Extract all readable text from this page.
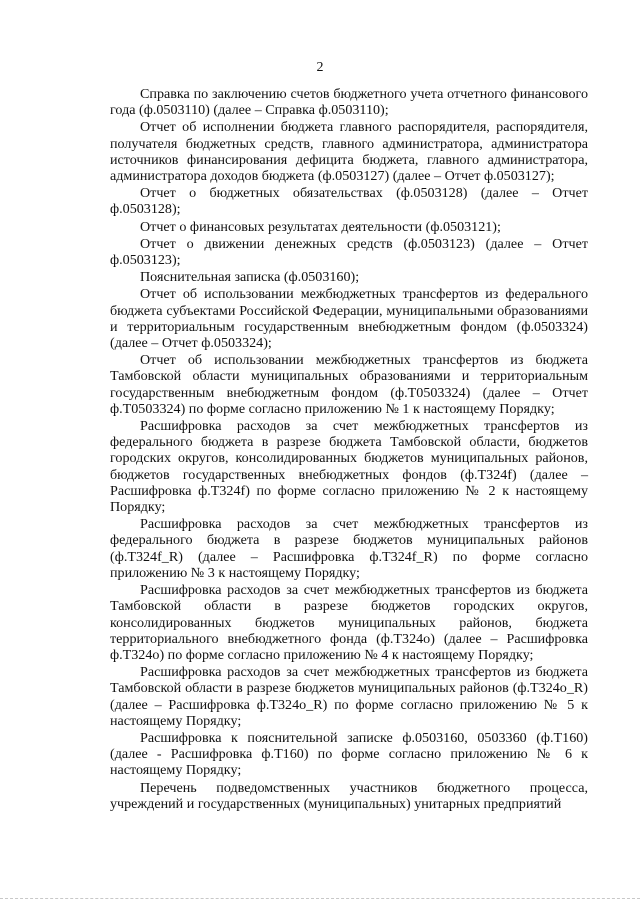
2

Справка по заключению счетов бюджетного учета отчетного финансового года (ф.0503110) (далее – Справка ф.0503110);

Отчет об исполнении бюджета главного распорядителя, распорядителя, получателя бюджетных средств, главного администратора, администратора источников финансирования дефицита бюджета, главного администратора, администратора доходов бюджета (ф.0503127) (далее – Отчет ф.0503127);

Отчет о бюджетных обязательствах (ф.0503128) (далее – Отчет ф.0503128);

Отчет о финансовых результатах деятельности (ф.0503121);

Отчет о движении денежных средств (ф.0503123) (далее – Отчет ф.0503123);

Пояснительная записка (ф.0503160);

Отчет об использовании межбюджетных трансфертов из федерального бюджета субъектами Российской Федерации, муниципальными образованиями и территориальным государственным внебюджетным фондом (ф.0503324) (далее – Отчет ф.0503324);

Отчет об использовании межбюджетных трансфертов из бюджета Тамбовской области муниципальных образованиями и территориальным государственным внебюджетным фондом (ф.Т0503324) (далее – Отчет ф.Т0503324) по форме согласно приложению № 1 к настоящему Порядку;

Расшифровка расходов за счет межбюджетных трансфертов из федерального бюджета в разрезе бюджета Тамбовской области, бюджетов городских округов, консолидированных бюджетов муниципальных районов, бюджетов государственных внебюджетных фондов (ф.Т324f) (далее – Расшифровка ф.Т324f) по форме согласно приложению № 2 к настоящему Порядку;

Расшифровка расходов за счет межбюджетных трансфертов из федерального бюджета в разрезе бюджетов муниципальных районов (ф.Т324f_R) (далее – Расшифровка ф.Т324f_R) по форме согласно приложению № 3 к настоящему Порядку;

Расшифровка расходов за счет межбюджетных трансфертов из бюджета Тамбовской области в разрезе бюджетов городских округов, консолидированных бюджетов муниципальных районов, бюджета территориального внебюджетного фонда (ф.Т324о) (далее – Расшифровка ф.Т324о) по форме согласно приложению № 4 к настоящему Порядку;

Расшифровка расходов за счет межбюджетных трансфертов из бюджета Тамбовской области в разрезе бюджетов муниципальных районов (ф.Т324о_R) (далее – Расшифровка ф.Т324о_R) по форме согласно приложению № 5 к настоящему Порядку;

Расшифровка к пояснительной записке ф.0503160, 0503360 (ф.Т160) (далее - Расшифровка ф.Т160) по форме согласно приложению № 6 к настоящему Порядку;

Перечень подведомственных участников бюджетного процесса, учреждений и государственных (муниципальных) унитарных предприятий
